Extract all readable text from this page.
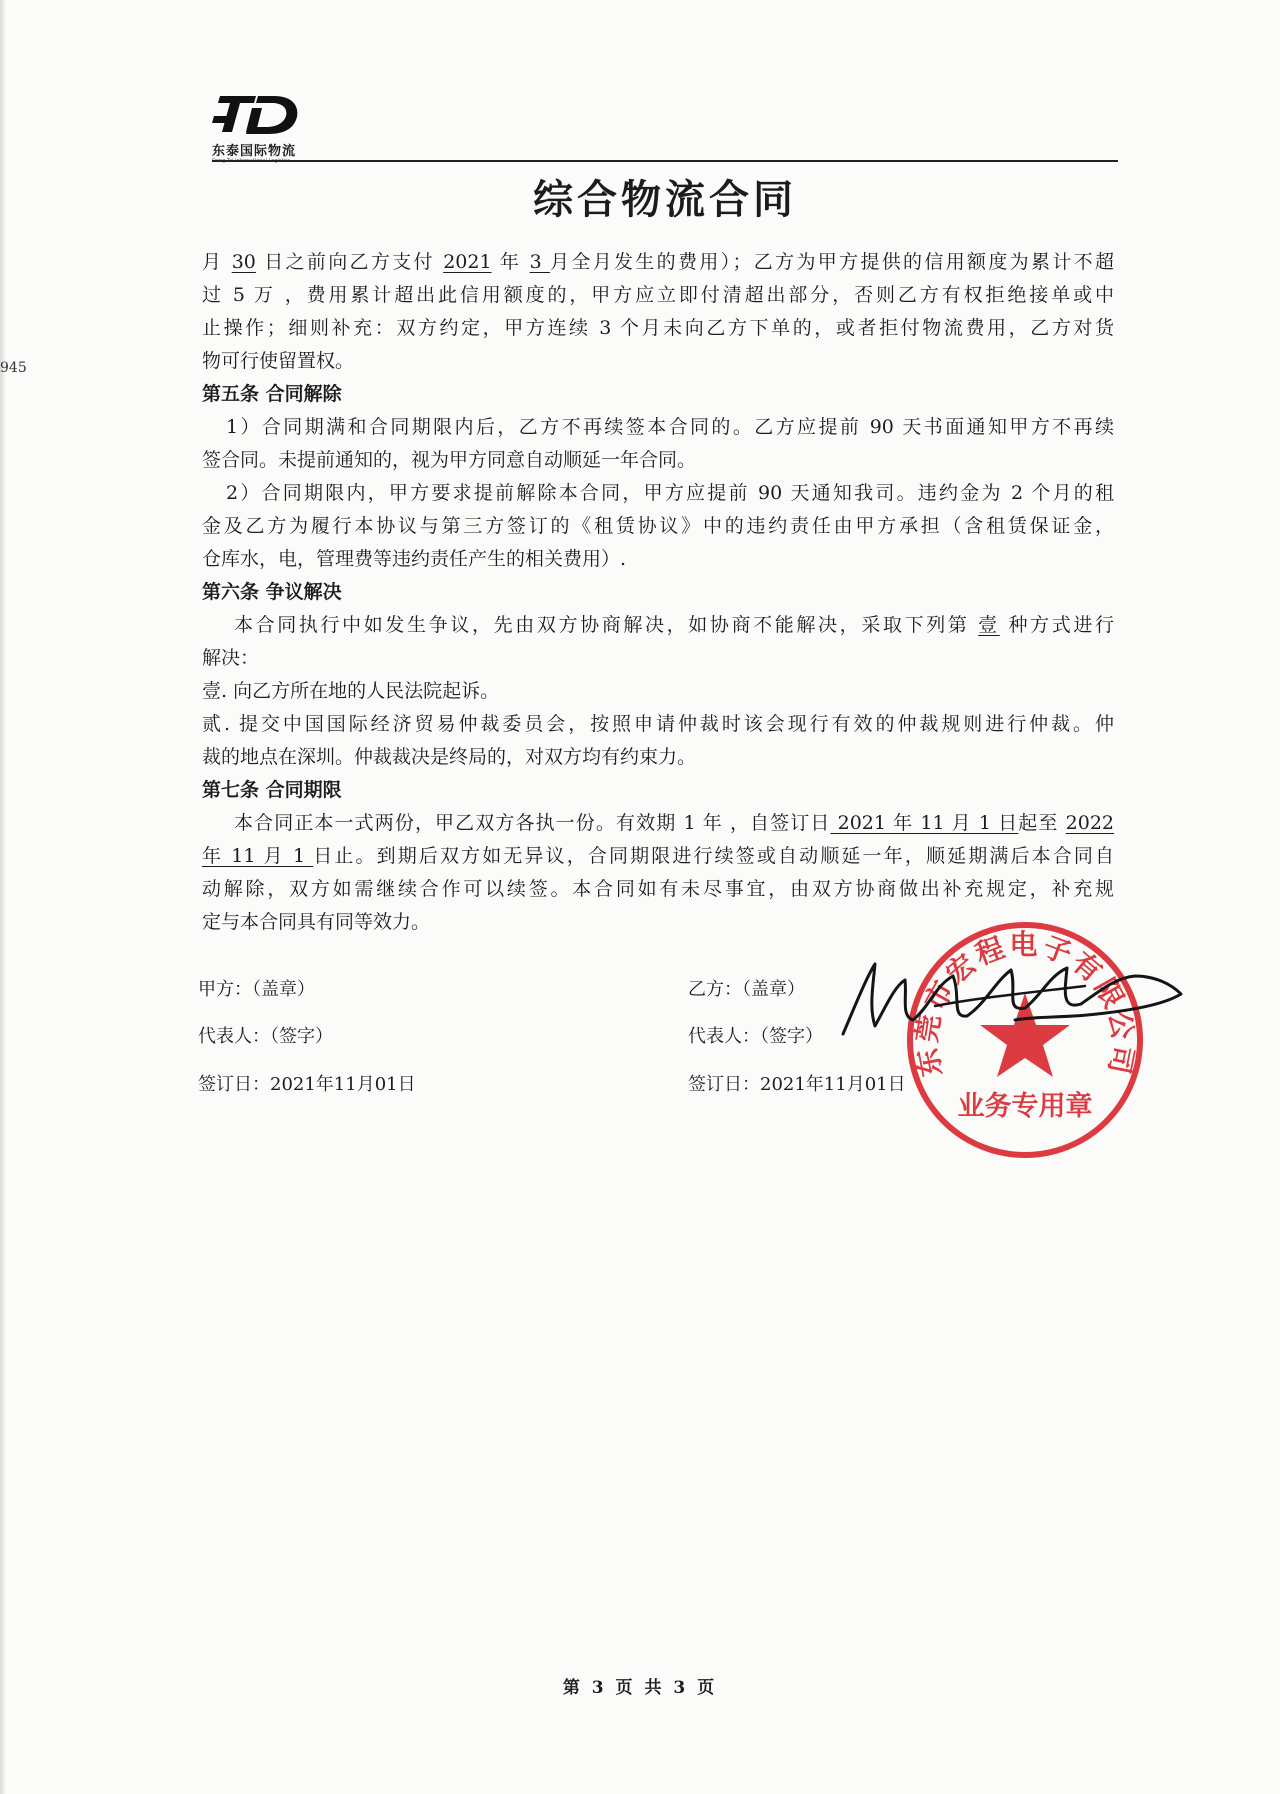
945
东泰国际物流
综合物流合同
月 30 日之前向乙方支付 2021 年 3 月全月发生的费用）；乙方为甲方提供的信用额度为累计不超
过 5 万 ，费用累计超出此信用额度的，甲方应立即付清超出部分，否则乙方有权拒绝接单或中
止操作；细则补充：双方约定，甲方连续 3 个月未向乙方下单的，或者拒付物流费用，乙方对货
物可行使留置权。
第五条 合同解除
1）合同期满和合同期限内后，乙方不再续签本合同的。乙方应提前 90 天书面通知甲方不再续
签合同。未提前通知的，视为甲方同意自动顺延一年合同。
2）合同期限内，甲方要求提前解除本合同，甲方应提前 90 天通知我司。违约金为 2 个月的租
金及乙方为履行本协议与第三方签订的《租赁协议》中的违约责任由甲方承担（含租赁保证金，
仓库水，电，管理费等违约责任产生的相关费用）.
第六条 争议解决
本合同执行中如发生争议，先由双方协商解决，如协商不能解决，采取下列第 壹 种方式进行
解决：
壹. 向乙方所在地的人民法院起诉。
贰. 提交中国国际经济贸易仲裁委员会，按照申请仲裁时该会现行有效的仲裁规则进行仲裁。仲
裁的地点在深圳。仲裁裁决是终局的，对双方均有约束力。
第七条 合同期限
本合同正本一式两份，甲乙双方各执一份。有效期 1 年 ，自签订日 2021 年 11 月 1 日起至 2022
年 11 月 1 日止。到期后双方如无异议，合同期限进行续签或自动顺延一年，顺延期满后本合同自
动解除，双方如需继续合作可以续签。本合同如有未尽事宜，由双方协商做出补充规定，补充规
定与本合同具有同等效力。
甲方：（盖章）
代表人：（签字）
签订日：2021年11月01日
乙方：（盖章）
代表人：（签字）
签订日：2021年11月01日
东莞市宏程电子有限公司
业务专用章
第 3 页 共 3 页
